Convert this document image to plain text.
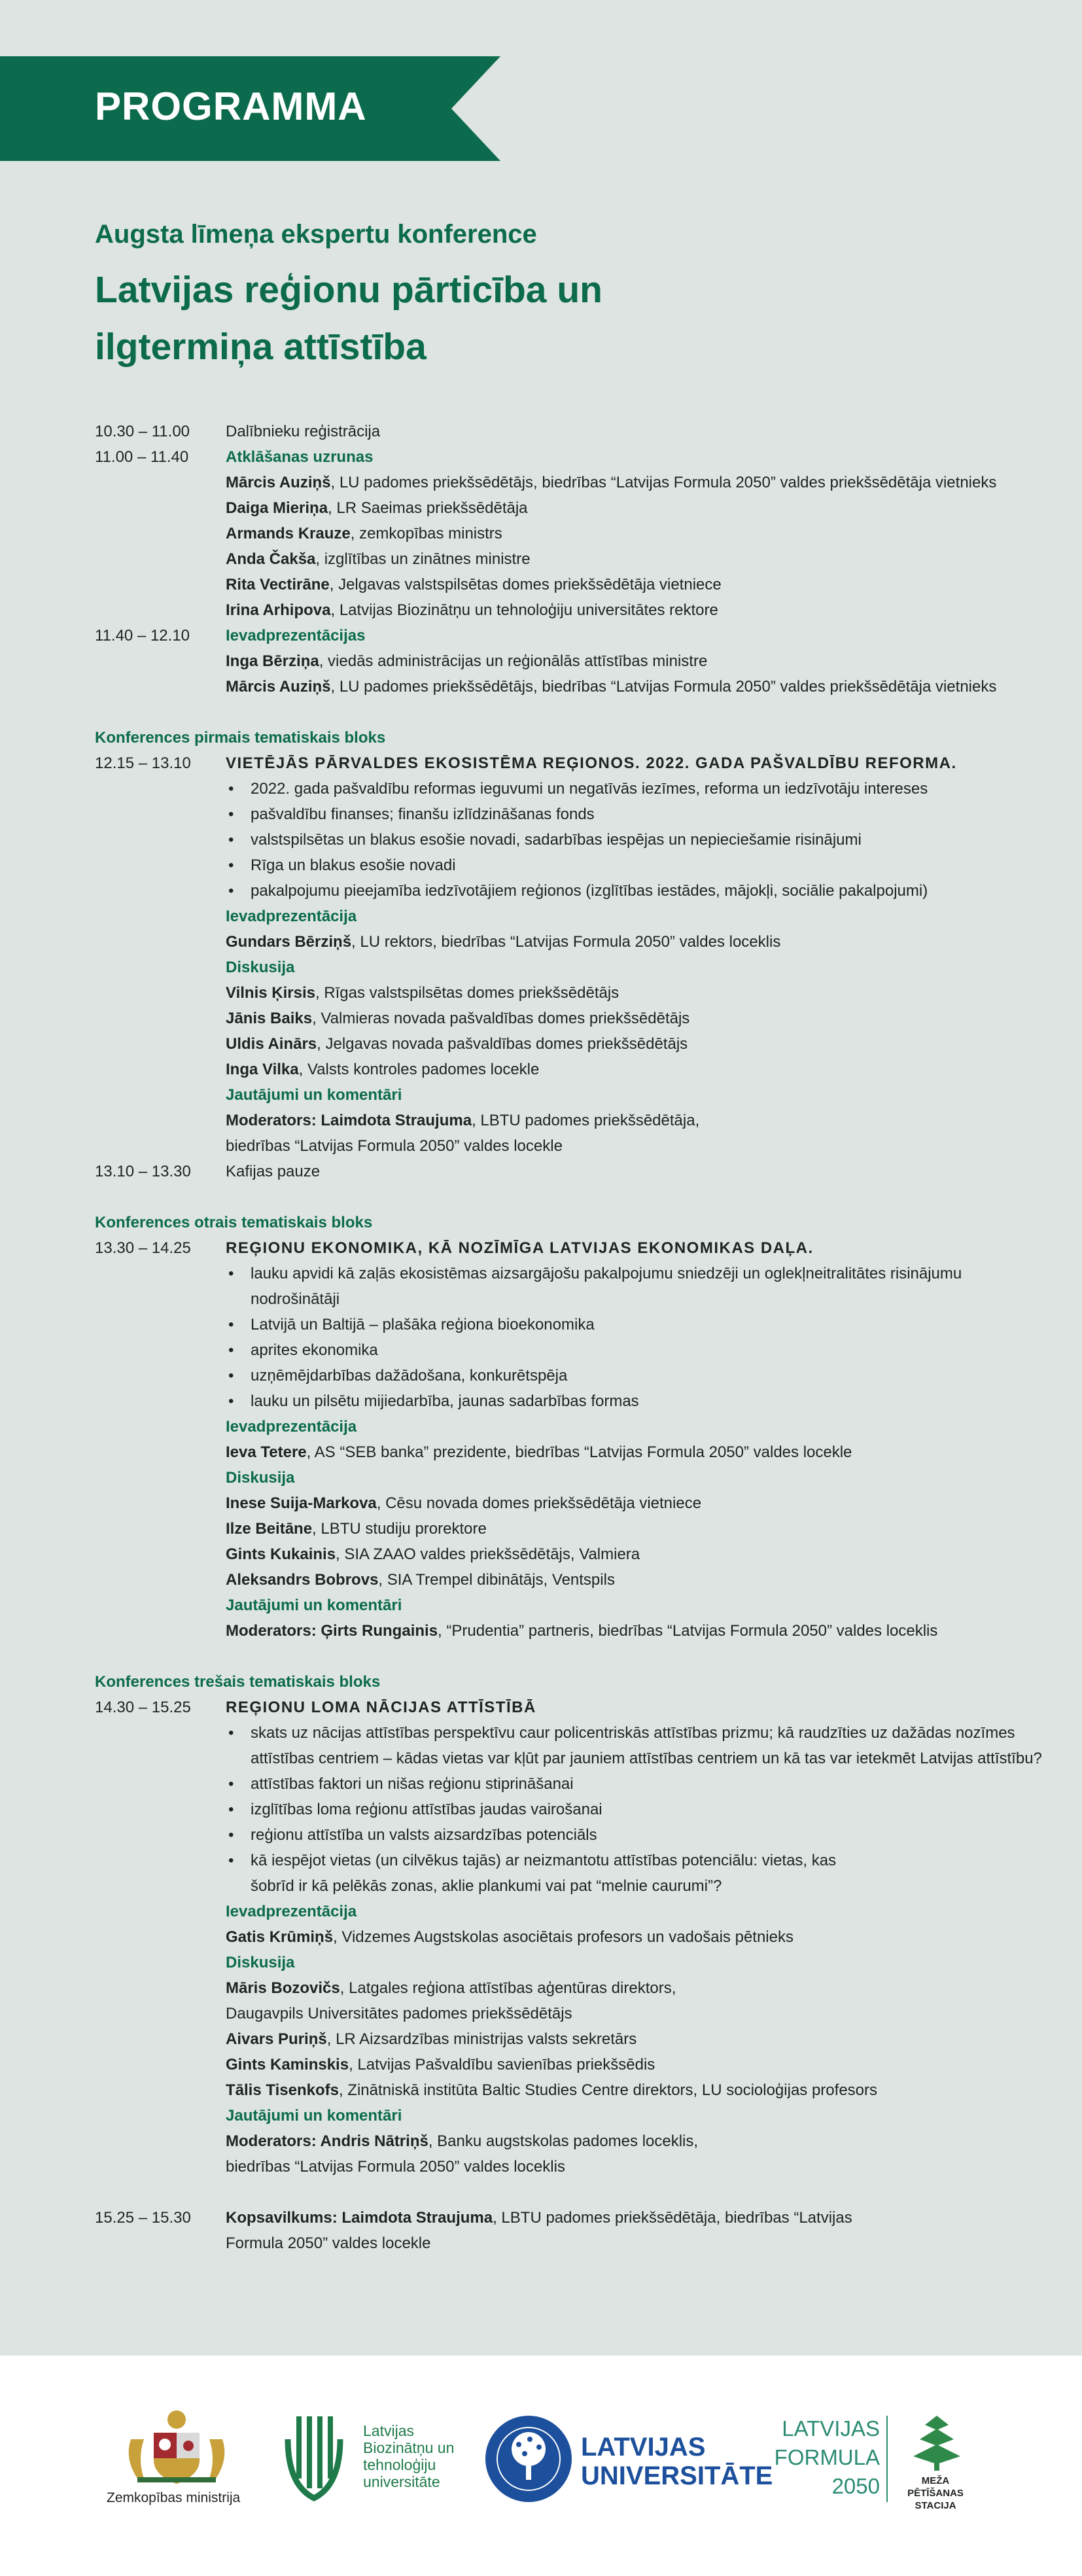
PROGRAMMA
Augsta līmeņa ekspertu konference
Latvijas reģionu pārticība un
ilgtermiņa attīstība
10.30 – 11.00	Dalībnieku reģistrācija
11.00 – 11.40	Atklāšanas uzrunas
Mārcis Auziņš, LU padomes priekšsēdētājs, biedrības “Latvijas Formula 2050” valdes priekšsēdētāja vietnieks
Daiga Mieriņa, LR Saeimas priekšsēdētāja
Armands Krauze, zemkopības ministrs
Anda Čakša, izglītības un zinātnes ministre
Rita Vectirāne, Jelgavas valstspilsētas domes priekšsēdētāja vietniece
Irina Arhipova, Latvijas Biozinātņu un tehnoloģiju universitātes rektore
11.40 – 12.10	Ievadprezentācijas
Inga Bērziņa, viedās administrācijas un reģionālās attīstības ministre
Mārcis Auziņš, LU padomes priekšsēdētājs, biedrības “Latvijas Formula 2050” valdes priekšsēdētāja vietnieks
Konferences pirmais tematiskais bloks
12.15 – 13.10	VIETĒJĀS PĀRVALDES EKOSISTĒMA REĢIONOS. 2022. GADA PAŠVALDĪBU REFORMA.
• 2022. gada pašvaldību reformas ieguvumi un negatīvās iezīmes, reforma un iedzīvotāju intereses
• pašvaldību finanses; finanšu izlīdzināšanas fonds
• valstspilsētas un blakus esošie novadi, sadarbības iespējas un nepieciešamie risinājumi
• Rīga un blakus esošie novadi
• pakalpojumu pieejamība iedzīvotājiem reģionos (izglītības iestādes, mājokļi, sociālie pakalpojumi)
Ievadprezentācija
Gundars Bērziņš, LU rektors, biedrības “Latvijas Formula 2050” valdes loceklis
Diskusija
Vilnis Ķirsis, Rīgas valstspilsētas domes priekšsēdētājs
Jānis Baiks, Valmieras novada pašvaldības domes priekšsēdētājs
Uldis Ainārs, Jelgavas novada pašvaldības domes priekšsēdētājs
Inga Vilka, Valsts kontroles padomes locekle
Jautājumi un komentāri
Moderators: Laimdota Straujuma, LBTU padomes priekšsēdētāja,
biedrības “Latvijas Formula 2050” valdes locekle
13.10 – 13.30	Kafijas pauze
Konferences otrais tematiskais bloks
13.30 – 14.25	REĢIONU EKONOMIKA, KĀ NOZĪMĪGA LATVIJAS EKONOMIKAS DAĻA.
• lauku apvidi kā zaļās ekosistēmas aizsargājošu pakalpojumu sniedzēji un oglekļneitralitātes risinājumu nodrošinātāji
• Latvijā un Baltijā – plašāka reģiona bioekonomika
• aprites ekonomika
• uzņēmējdarbības dažādošana, konkurētspēja
• lauku un pilsētu mijiedarbība, jaunas sadarbības formas
Ievadprezentācija
Ieva Tetere, AS “SEB banka” prezidente, biedrības “Latvijas Formula 2050” valdes locekle
Diskusija
Inese Suija-Markova, Cēsu novada domes priekšsēdētāja vietniece
Ilze Beitāne, LBTU studiju prorektore
Gints Kukainis, SIA ZAAO valdes priekšsēdētājs, Valmiera
Aleksandrs Bobrovs, SIA Trempel dibinātājs, Ventspils
Jautājumi un komentāri
Moderators: Ģirts Rungainis, “Prudentia” partneris, biedrības “Latvijas Formula 2050” valdes loceklis
Konferences trešais tematiskais bloks
14.30 – 15.25	REĢIONU LOMA NĀCIJAS ATTĪSTĪBĀ
• skats uz nācijas attīstības perspektīvu caur policentriskās attīstības prizmu; kā raudzīties uz dažādas nozīmes attīstības centriem – kādas vietas var kļūt par jauniem attīstības centriem un kā tas var ietekmēt Latvijas attīstību?
• attīstības faktori un nišas reģionu stiprināšanai
• izglītības loma reģionu attīstības jaudas vairošanai
• reģionu attīstība un valsts aizsardzības potenciāls
• kā iespējot vietas (un cilvēkus tajās) ar neizmantotu attīstības potenciālu: vietas, kas šobrīd ir kā pelēkās zonas, aklie plankumi vai pat “melnie caurumi”?
Ievadprezentācija
Gatis Krūmiņš, Vidzemes Augstskolas asociētais profesors un vadošais pētnieks
Diskusija
Māris Bozovičs, Latgales reģiona attīstības aģentūras direktors,
Daugavpils Universitātes padomes priekšsēdētājs
Aivars Puriņš, LR Aizsardzības ministrijas valsts sekretārs
Gints Kaminskis, Latvijas Pašvaldību savienības priekšsēdis
Tālis Tisenkofs, Zinātniskā institūta Baltic Studies Centre direktors, LU socioloģijas profesors
Jautājumi un komentāri
Moderators: Andris Nātriņš, Banku augstskolas padomes loceklis,
biedrības “Latvijas Formula 2050” valdes loceklis
15.25 – 15.30	Kopsavilkums: Laimdota Straujuma, LBTU padomes priekšsēdētāja, biedrības “Latvijas
Formula 2050” valdes locekle
Zemkopības ministrija
Latvijas
Biozinātņu un
tehnoloģiju
universitāte
LATVIJAS
UNIVERSITĀTE
LATVIJAS
FORMULA
2050	MEŽA PĒTĪŠANAS
STACIJA
